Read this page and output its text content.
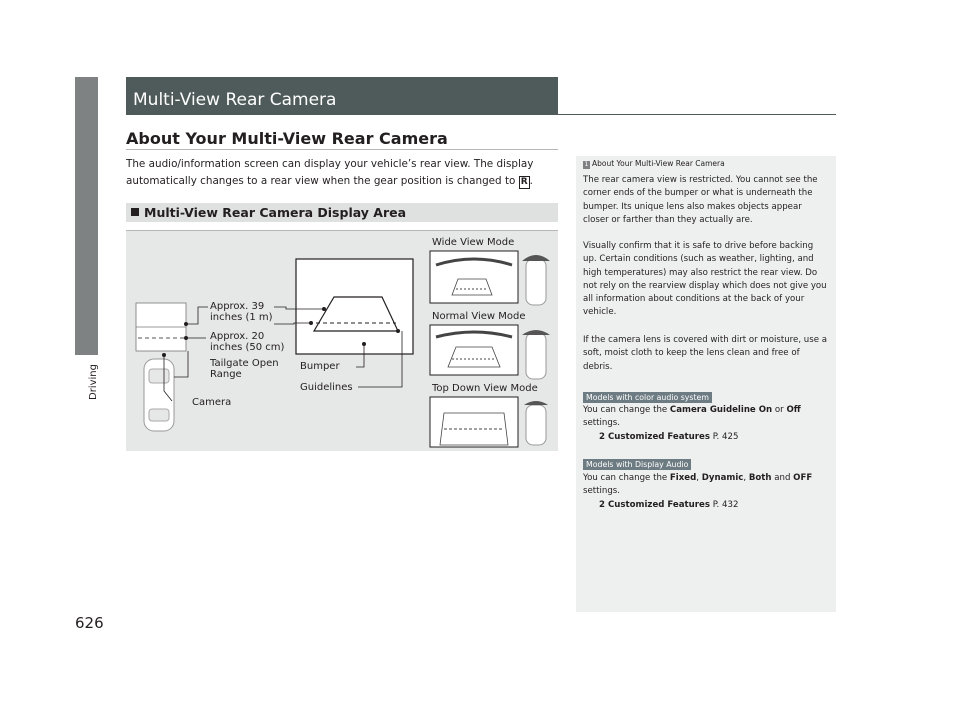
Driving
626
Multi-View Rear Camera
About Your Multi-View Rear Camera
The audio/information screen can display your vehicle’s rear view. The display automatically changes to a rear view when the gear position is changed to R .
Multi-View Rear Camera Display Area
Approx. 39
inches (1 m)
Approx. 20
inches (50 cm)
Tailgate Open
Range
Camera
Bumper
Guidelines
Wide View Mode
Normal View Mode
Top Down View Mode
1 About Your Multi-View Rear Camera
The rear camera view is restricted. You cannot see the corner ends of the bumper or what is underneath the bumper. Its unique lens also makes objects appear closer or farther than they actually are.
Visually confirm that it is safe to drive before backing up. Certain conditions (such as weather, lighting, and high temperatures) may also restrict the rear view. Do not rely on the rearview display which does not give you all information about conditions at the back of your vehicle.
If the camera lens is covered with dirt or moisture, use a soft, moist cloth to keep the lens clean and free of debris.
Models with color audio system
You can change the Camera Guideline On or Off settings.
2 Customized Features P. 425
Models with Display Audio
You can change the Fixed, Dynamic, Both and OFF
settings.
2 Customized Features P. 432
